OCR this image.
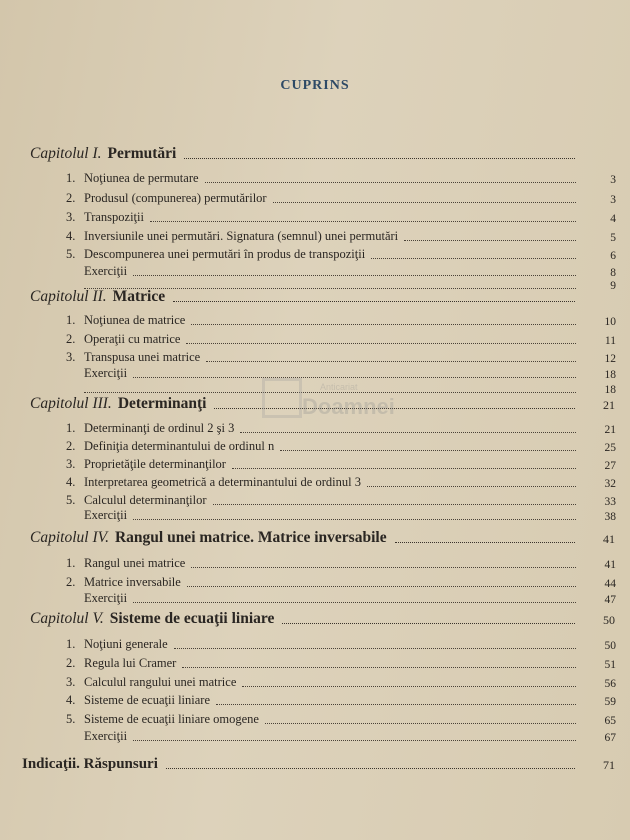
CUPRINS
Capitolul I. Permutări
1. Noţiunea de permutare	3
2. Produsul (compunerea) permutărilor	3
3. Transpoziţii	4
4. Inversiunile unei permutări. Signatura (semnul) unei permutări	5
5. Descompunerea unei permutări în produs de transpoziţii	6
Exerciţii	8
9
Capitolul II. Matrice
1. Noţiunea de matrice	10
2. Operaţii cu matrice	11
3. Transpusa unei matrice	12
Exerciţii	18
18
Capitolul III. Determinanţi	21
1. Determinanţi de ordinul 2 şi 3	21
2. Definiţia determinantului de ordinul n	25
3. Proprietăţile determinanţilor	27
4. Interpretarea geometrică a determinantului de ordinul 3	32
5. Calculul determinanţilor	33
Exerciţii	38
Capitolul IV. Rangul unei matrice. Matrice inversabile	41
1. Rangul unei matrice	41
2. Matrice inversabile	44
Exerciţii	47
Capitolul V. Sisteme de ecuaţii liniare	50
1. Noţiuni generale	50
2. Regula lui Cramer	51
3. Calculul rangului unei matrice	56
4. Sisteme de ecuaţii liniare	59
5. Sisteme de ecuaţii liniare omogene	65
Exerciţii	67
Indicaţii. Răspunsuri	71
Anticariat
Doamnei
